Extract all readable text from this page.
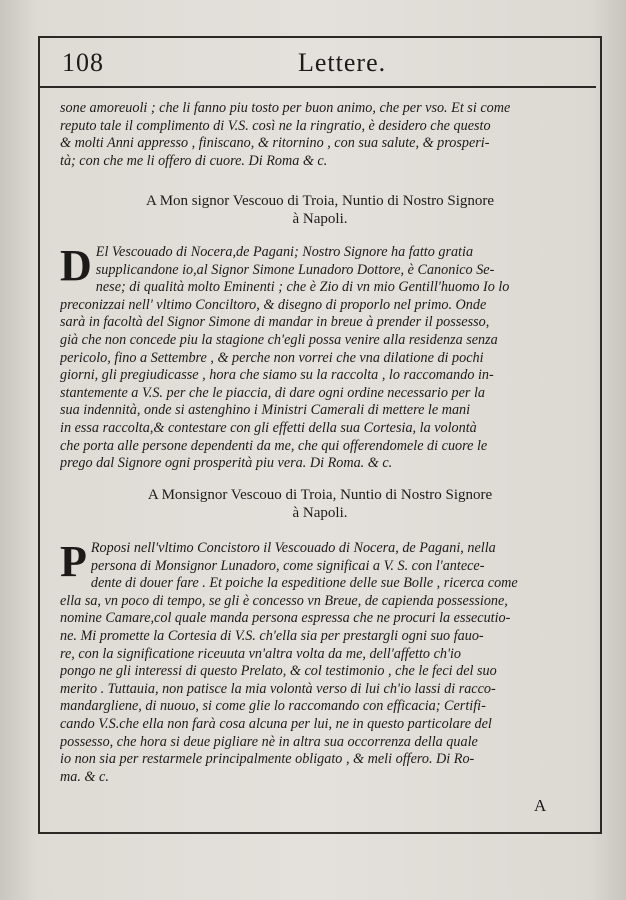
108	Lettere.
sone amoreuoli ; che li fanno piu tosto per buon animo, che per vso. Et si come
reputo tale il complimento di V.S. così ne la ringratio, è desidero che questo
& molti Anni appresso , finiscano, & ritornino , con sua salute, & prosperi-
tà; con che me li offero di cuore. Di Roma & c.
A Mon signor Vescouo di Troia, Nuntio di Nostro Signore
à Napoli.
D El Vescouado di Nocera,de Pagani; Nostro Signore ha fatto gratia
supplicandone io,al Signor Simone Lunadoro Dottore, è Canonico Se-
nese; di qualità molto Eminenti ; che è Zio di vn mio Gentill'huomo Io lo
preconizzai nell' vltimo Conciltoro, & disegno di proporlo nel primo. Onde
sarà in facoltà del Signor Simone di mandar in breue à prender il possesso,
già che non concede piu la stagione ch'egli possa venire alla residenza senza
pericolo, fino a Settembre , & perche non vorrei che vna dilatione di pochi
giorni, gli pregiudicasse , hora che siamo su la raccolta , lo raccomando in-
stantemente a V.S. per che le piaccia, di dare ogni ordine necessario per la
sua indennità, onde si astenghino i Ministri Camerali di mettere le mani
in essa raccolta,& contestare con gli effetti della sua Cortesia, la volontà
che porta alle persone dependenti da me, che qui offerendomele di cuore le
prego dal Signore ogni prosperità piu vera. Di Roma. & c.
A Monsignor Vescouo di Troia, Nuntio di Nostro Signore
à Napoli.
P Roposi nell'vltimo Concistoro il Vescouado di Nocera, de Pagani, nella
persona di Monsignor Lunadoro, come significai a V. S. con l'antece-
dente di douer fare . Et poiche la espeditione delle sue Bolle , ricerca come
ella sa, vn poco di tempo, se gli è concesso vn Breue, de capienda possessione,
nomine Camare,col quale manda persona espressa che ne procuri la essecutio-
ne. Mi promette la Cortesia di V.S. ch'ella sia per prestargli ogni suo fauo-
re, con la significatione riceuuta vn'altra volta da me, dell'affetto ch'io
pongo ne gli interessi di questo Prelato, & col testimonio , che le feci del suo
merito . Tuttauia, non patisce la mia volontà verso di lui ch'io lassi di racco-
mandargliene, di nuouo, si come glie lo raccomando con efficacia; Certifi-
cando V.S.che ella non farà cosa alcuna per lui, ne in questo particolare del
possesso, che hora si deue pigliare nè in altra sua occorrenza della quale
io non sia per restarmele principalmente obligato , & meli offero. Di Ro-
ma. & c.
A
